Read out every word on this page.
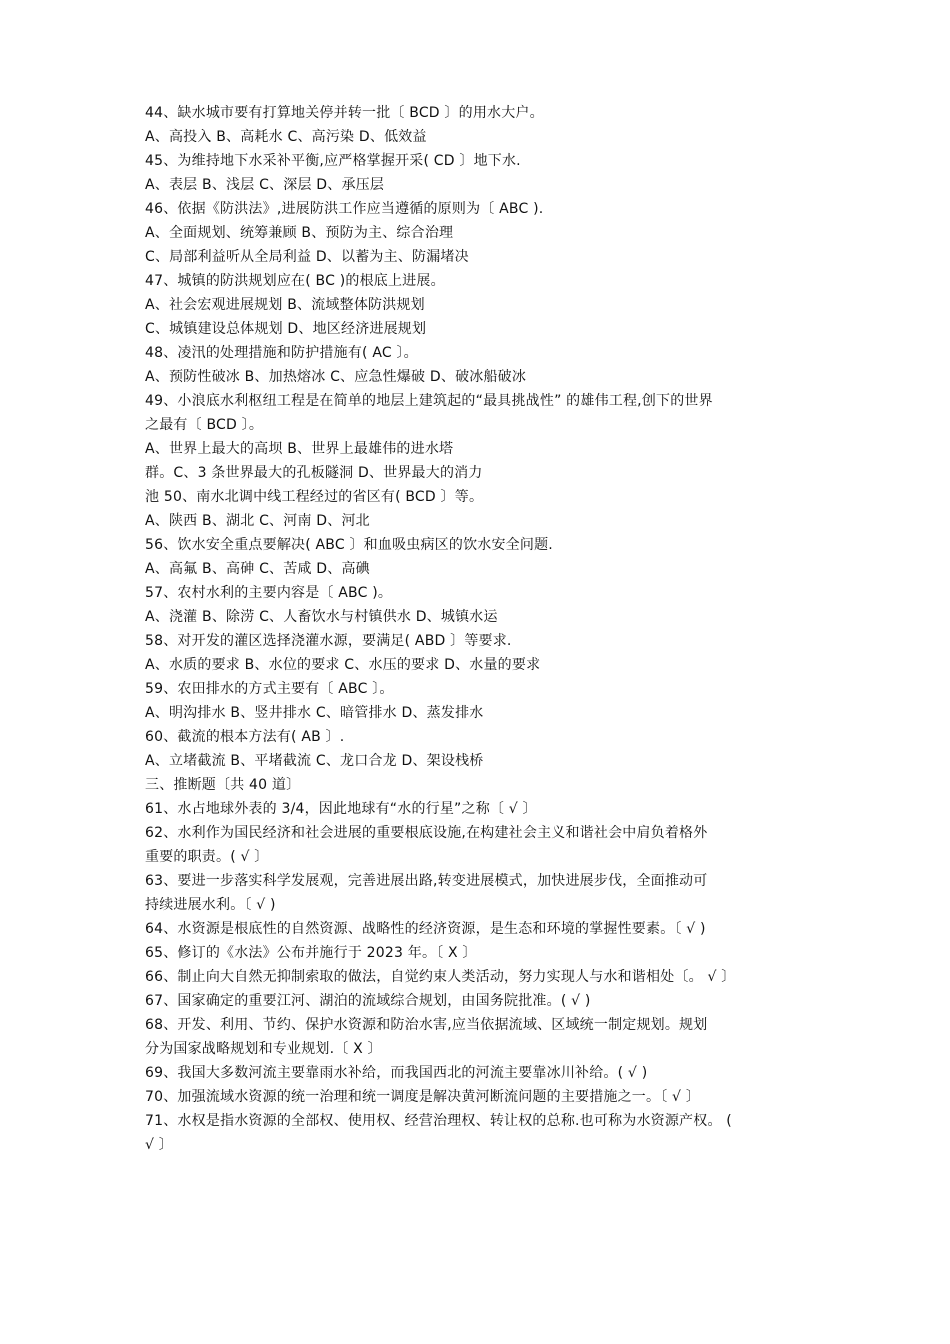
44、缺水城市要有打算地关停并转一批〔 BCD 〕的用水大户。
A、高投入 B、高耗水 C、高污染 D、低效益
45、为维持地下水采补平衡,应严格掌握开采( CD 〕地下水.
A、表层 B、浅层 C、深层 D、承压层
46、依据《防洪法》,进展防洪工作应当遵循的原则为〔 ABC ).
A、全面规划、统筹兼顾 B、预防为主、综合治理
C、局部利益听从全局利益 D、以蓄为主、防漏堵决
47、城镇的防洪规划应在( BC )的根底上进展。
A、社会宏观进展规划 B、流域整体防洪规划
C、城镇建设总体规划 D、地区经济进展规划
48、凌汛的处理措施和防护措施有( AC 〕。
A、预防性破冰 B、加热熔冰 C、应急性爆破 D、破冰船破冰
49、小浪底水利枢纽工程是在简单的地层上建筑起的“最具挑战性” 的雄伟工程,创下的世界
之最有〔 BCD 〕。
A、世界上最大的高坝 B、世界上最雄伟的进水塔
群。C、3 条世界最大的孔板隧洞 D、世界最大的消力
池 50、南水北调中线工程经过的省区有( BCD 〕等。
A、陕西 B、湖北 C、河南 D、河北
56、饮水安全重点要解决( ABC 〕和血吸虫病区的饮水安全问题.
A、高氟 B、高砷 C、苦咸 D、高碘
57、农村水利的主要内容是〔 ABC )。
A、浇灌 B、除涝 C、人畜饮水与村镇供水 D、城镇水运
58、对开发的灌区选择浇灌水源，要满足( ABD 〕等要求.
A、水质的要求 B、水位的要求 C、水压的要求 D、水量的要求
59、农田排水的方式主要有〔 ABC 〕。
A、明沟排水 B、竖井排水 C、暗管排水 D、蒸发排水
60、截流的根本方法有( AB 〕.
A、立堵截流 B、平堵截流 C、龙口合龙 D、架设栈桥
三、推断题〔共 40 道〕
61、水占地球外表的 3/4，因此地球有“水的行星”之称〔 √ 〕
62、水利作为国民经济和社会进展的重要根底设施,在构建社会主义和谐社会中肩负着格外
重要的职责。( √ 〕
63、要进一步落实科学发展观，完善进展出路,转变进展模式，加快进展步伐，全面推动可
持续进展水利。〔 √ )
64、水资源是根底性的自然资源、战略性的经济资源，是生态和环境的掌握性要素。〔 √ )
65、修订的《水法》公布并施行于 2023 年。〔 X 〕
66、制止向大自然无抑制索取的做法，自觉约束人类活动，努力实现人与水和谐相处〔。 √ 〕
67、国家确定的重要江河、湖泊的流域综合规划，由国务院批准。( √ )
68、开发、利用、节约、保护水资源和防治水害,应当依据流域、区域统一制定规划。规划
分为国家战略规划和专业规划.〔 X 〕
69、我国大多数河流主要靠雨水补给，而我国西北的河流主要靠冰川补给。( √ )
70、加强流域水资源的统一治理和统一调度是解决黄河断流问题的主要措施之一。〔 √ 〕
71、水权是指水资源的全部权、使用权、经营治理权、转让权的总称.也可称为水资源产权。 (
√ 〕
